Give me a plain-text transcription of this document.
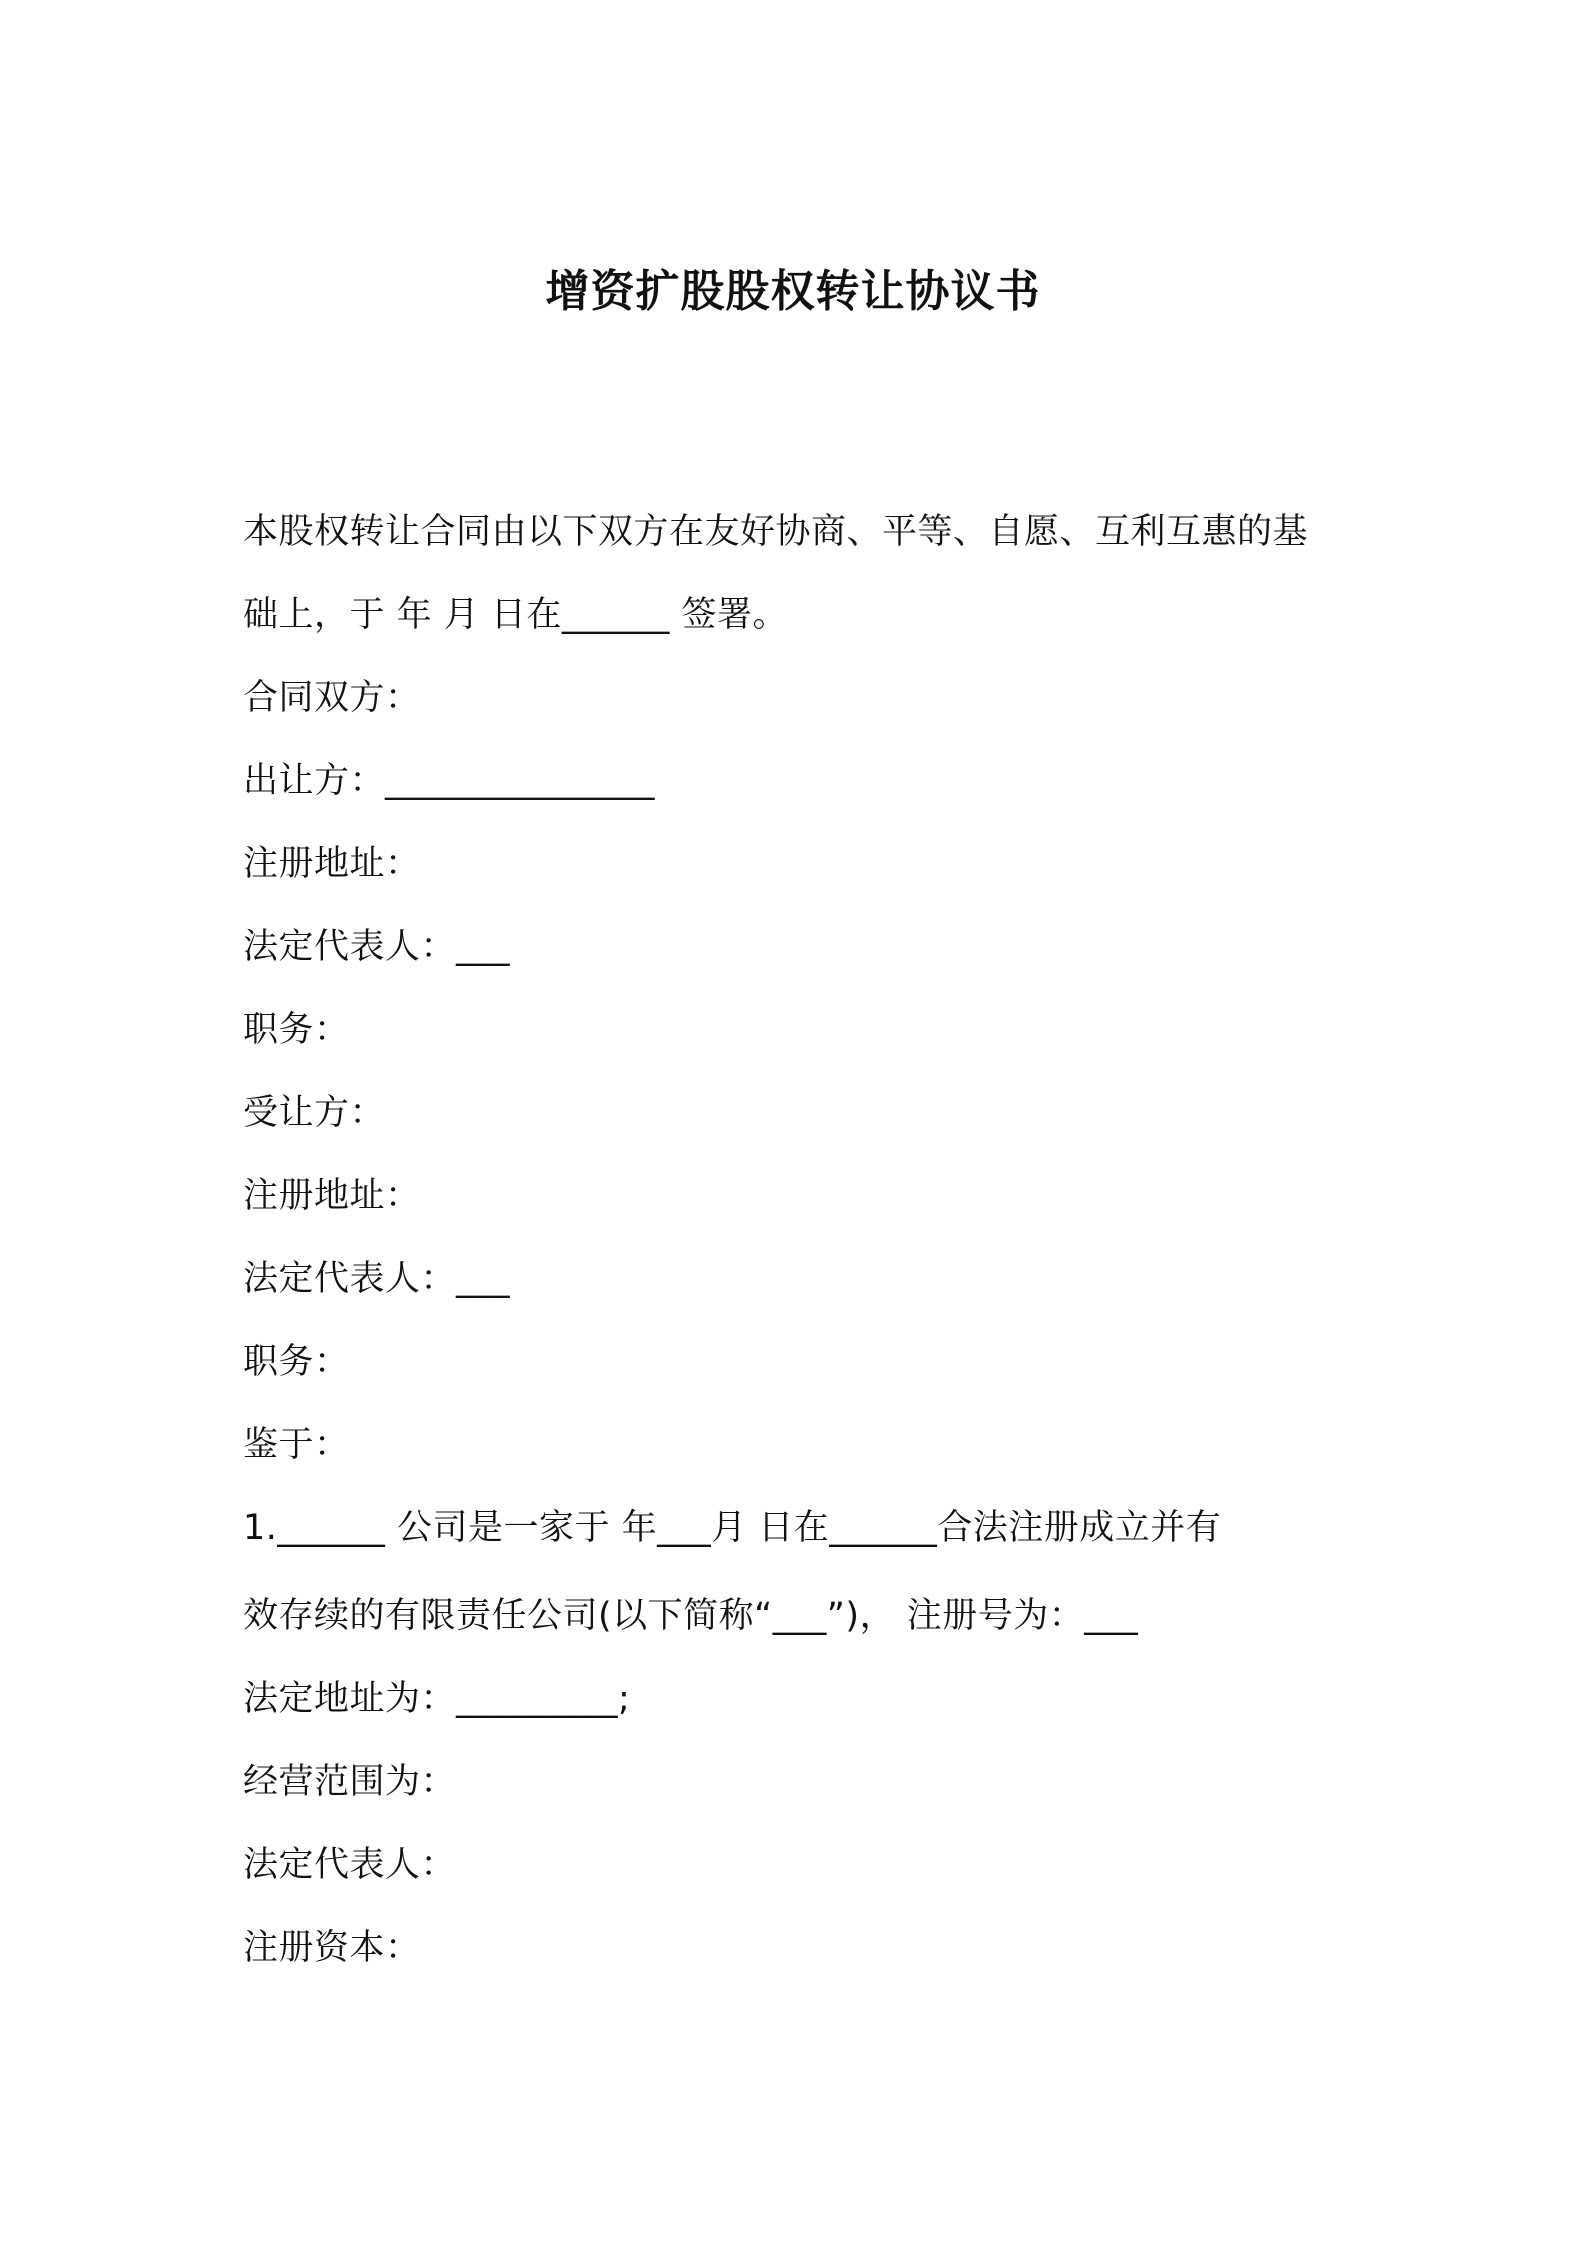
增资扩股股权转让协议书
本股权转让合同由以下双方在友好协商、平等、自愿、互利互惠的基
础上，于 年 月 日在______ 签署。
合同双方：
出让方：_______________
注册地址：
法定代表人：___
职务：
受让方：
注册地址：
法定代表人：___
职务：
鉴于：
1.______ 公司是一家于 年___月 日在______合法注册成立并有
效存续的有限责任公司(以下简称“___”)， 注册号为：___
法定地址为：_________;
经营范围为：
法定代表人：
注册资本：
